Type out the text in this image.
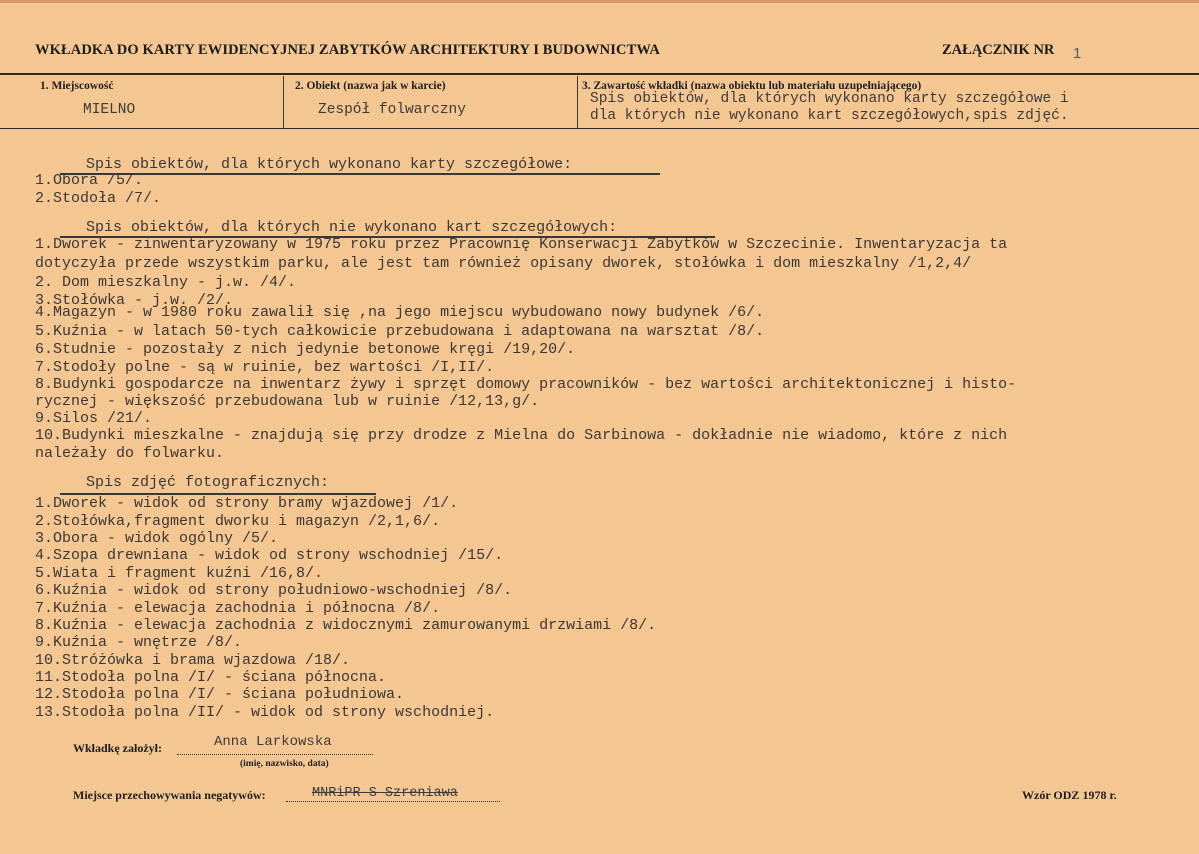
WKŁADKA DO KARTY EWIDENCYJNEJ ZABYTKÓW ARCHITEKTURY I BUDOWNICTWA	ZAŁĄCZNIK NR 1
1. Miejscowość
MIELNO
2. Obiekt (nazwa jak w karcie)
Zespół folwarczny
3. Zawartość wkładki (nazwa obiektu lub materiału uzupełniającego)
Spis obiektów, dla których wykonano karty szczegółowe i
dla których nie wykonano kart szczegółowych,spis zdjęć.
Spis obiektów, dla których wykonano karty szczegółowe:
1.Obora /5/.
2.Stodoła /7/.
Spis obiektów, dla których nie wykonano kart szczegółowych:
1.Dworek - zinwentaryzowany w 1975 roku przez Pracownię Konserwacji Zabytków w Szczecinie. Inwentaryzacja ta
dotyczyła przede wszystkim parku, ale jest tam również opisany dworek, stołówka i dom mieszkalny /1,2,4/
2. Dom mieszkalny - j.w. /4/.
3.Stołówka - j.w. /2/.
4.Magazyn - w 1980 roku zawalił się ,na jego miejscu wybudowano nowy budynek /6/.
5.Kuźnia - w latach 50-tych całkowicie przebudowana i adaptowana na warsztat /8/.
6.Studnie - pozostały z nich jedynie betonowe kręgi /19,20/.
7.Stodoły polne - są w ruinie, bez wartości /I,II/.
8.Budynki gospodarcze na inwentarz żywy i sprzęt domowy pracowników - bez wartości architektonicznej i histo-
rycznej - większość przebudowana lub w ruinie /12,13,g/.
9.Silos /21/.
10.Budynki mieszkalne - znajdują się przy drodze z Mielna do Sarbinowa - dokładnie nie wiadomo, które z nich
należały do folwarku.
Spis zdjęć fotograficznych:
1.Dworek - widok od strony bramy wjazdowej /1/.
2.Stołówka,fragment dworku i magazyn /2,1,6/.
3.Obora - widok ogólny /5/.
4.Szopa drewniana - widok od strony wschodniej /15/.
5.Wiata i fragment kuźni /16,8/.
6.Kuźnia - widok od strony południowo-wschodniej /8/.
7.Kuźnia - elewacja zachodnia i północna /8/.
8.Kuźnia - elewacja zachodnia z widocznymi zamurowanymi drzwiami /8/.
9.Kuźnia - wnętrze /8/.
10.Stróżówka i brama wjazdowa /18/.
11.Stodoła polna /I/ - ściana północna.
12.Stodoła polna /I/ - ściana południowa.
13.Stodoła polna /II/ - widok od strony wschodniej.
Wkładkę założył:	Anna Larkowska
(imię, nazwisko, data)
Miejsce przechowywania negatywów:	MNRiPR-S Szreniawa	Wzór ODZ 1978 r.
